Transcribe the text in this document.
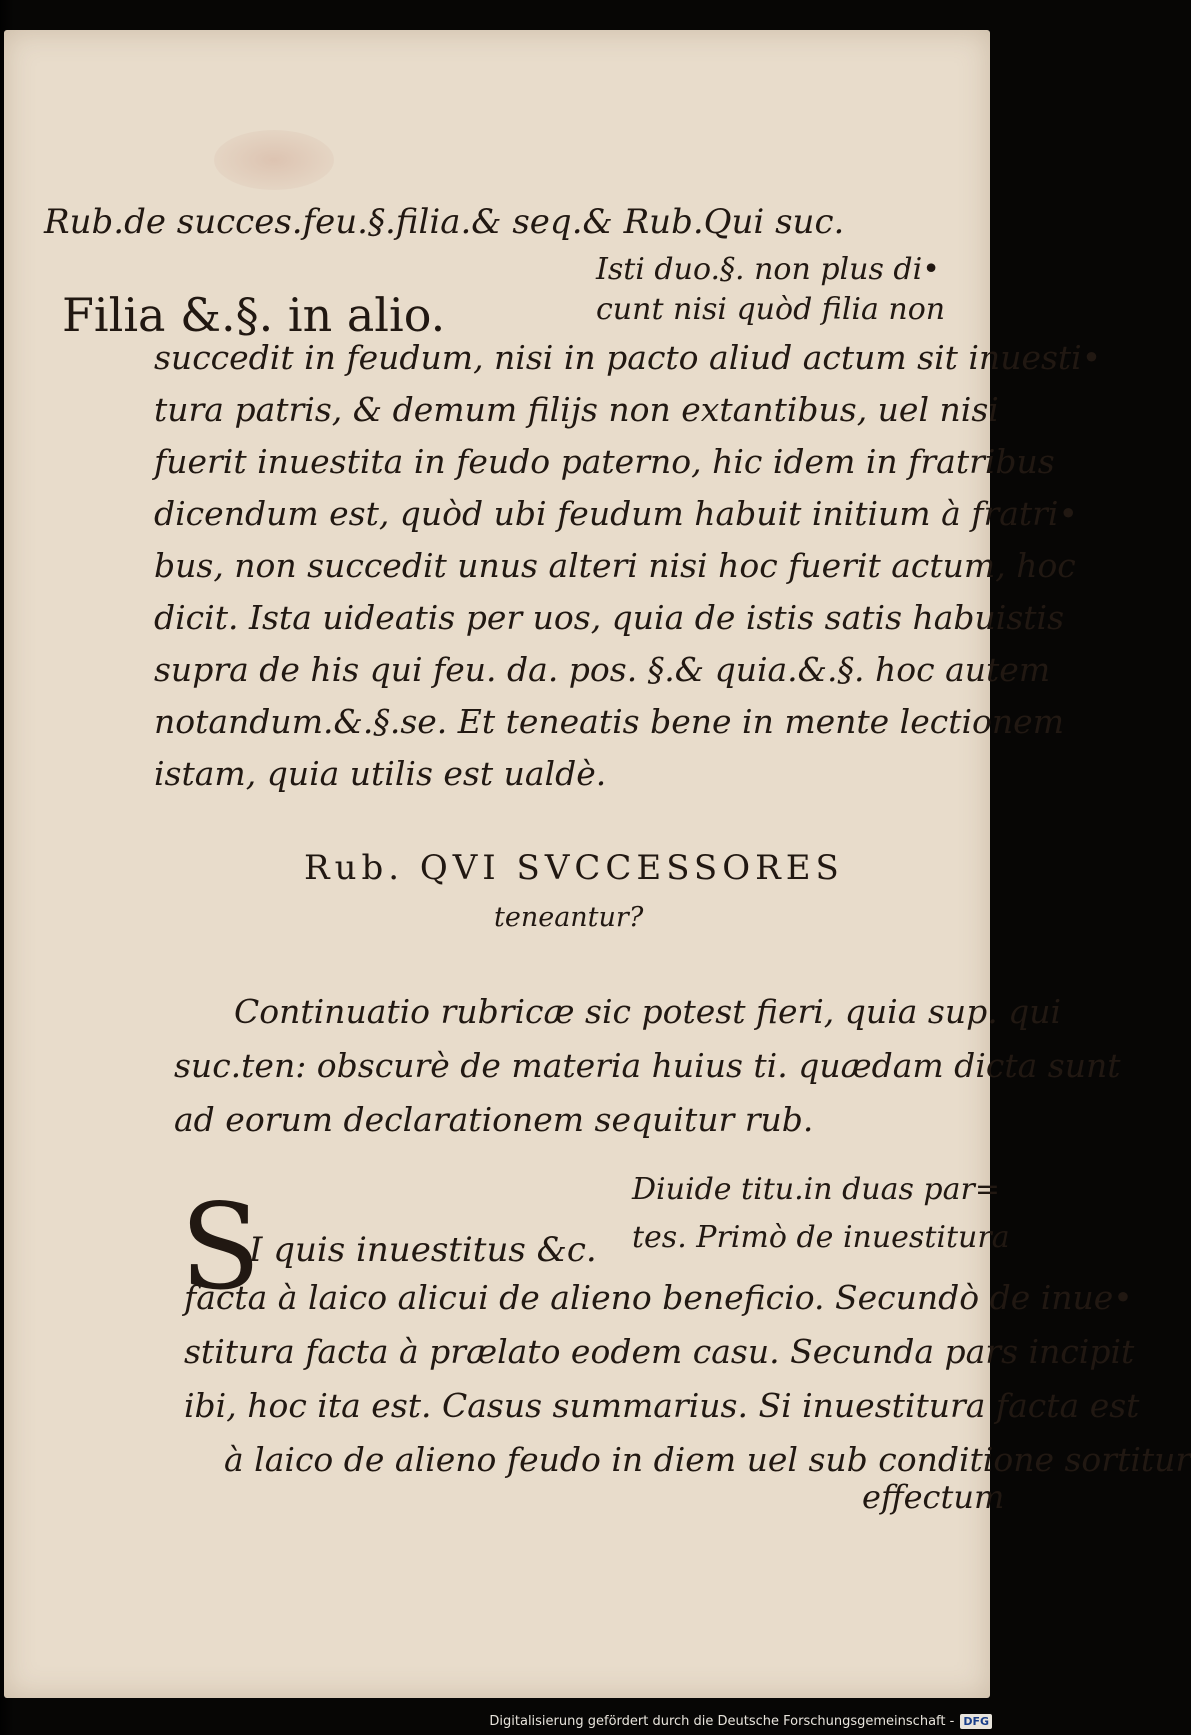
Rub.de succes.feu.§.filia.& seq.& Rub.Qui suc.
Filia &.§. in alio.
Isti duo.§. non plus di•
cunt nisi quòd filia non
succedit in feudum, nisi in pacto aliud actum sit inuesti•
tura patris, & demum filijs non extantibus, uel nisi
fuerit inuestita in feudo paterno, hic idem in fratribus
dicendum est, quòd ubi feudum habuit initium à fratri•
bus, non succedit unus alteri nisi hoc fuerit actum, hoc
dicit. Ista uideatis per uos, quia de istis satis habuistis
supra de his qui feu. da. pos. §.& quia.&.§. hoc autem
notandum.&.§.se. Et teneatis bene in mente lectionem
istam, quia utilis est ualdè.
Rub. QVI SVCCESSORES
teneantur?
Continuatio rubricæ sic potest fieri, quia sup. qui
suc.ten: obscurè de materia huius ti. quædam dicta sunt
ad eorum declarationem sequitur rub.
S
I quis inuestitus &c.
Diuide titu.in duas par=
tes. Primò de inuestitura
facta à laico alicui de alieno beneficio. Secundò de inue•
stitura facta à prælato eodem casu. Secunda pars incipit
ibi, hoc ita est. Casus summarius. Si inuestitura facta est
à laico de alieno feudo in diem uel sub conditione sortitur
effectum
Digitalisierung gefördert durch die Deutsche Forschungsgemeinschaft - DFG
